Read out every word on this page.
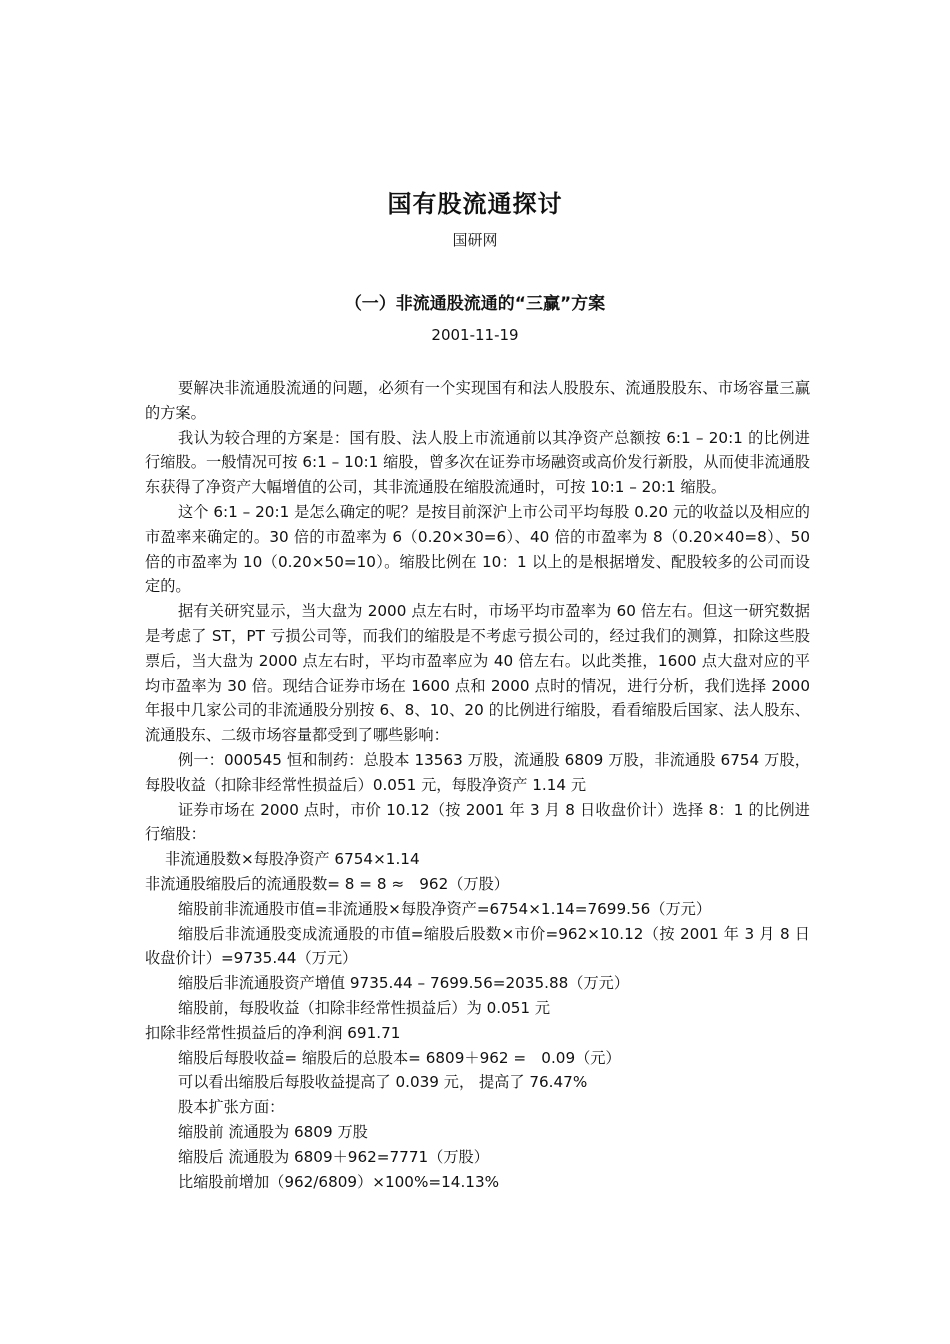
国有股流通探讨
国研网
（一）非流通股流通的“三赢”方案
2001-11-19

要解决非流通股流通的问题，必须有一个实现国有和法人股股东、流通股股东、市场容量三赢的方案。

我认为较合理的方案是：国有股、法人股上市流通前以其净资产总额按 6:1 – 20:1 的比例进行缩股。一般情况可按 6:1 – 10:1 缩股，曾多次在证券市场融资或高价发行新股，从而使非流通股东获得了净资产大幅增值的公司，其非流通股在缩股流通时，可按 10:1 – 20:1 缩股。

这个 6:1 – 20:1 是怎么确定的呢？是按目前深沪上市公司平均每股 0.20 元的收益以及相应的市盈率来确定的。30 倍的市盈率为 6（0.20×30=6）、40 倍的市盈率为 8（0.20×40=8）、50 倍的市盈率为 10（0.20×50=10）。缩股比例在 10：1 以上的是根据增发、配股较多的公司而设定的。

据有关研究显示，当大盘为 2000 点左右时，市场平均市盈率为 60 倍左右。但这一研究数据是考虑了 ST，PT 亏损公司等，而我们的缩股是不考虑亏损公司的，经过我们的测算，扣除这些股票后，当大盘为 2000 点左右时，平均市盈率应为 40 倍左右。以此类推，1600 点大盘对应的平均市盈率为 30 倍。现结合证券市场在 1600 点和 2000 点时的情况，进行分析，我们选择 2000 年报中几家公司的非流通股分别按 6、8、10、20 的比例进行缩股，看看缩股后国家、法人股东、流通股东、二级市场容量都受到了哪些影响：

例一：000545 恒和制药：总股本 13563 万股，流通股 6809 万股，非流通股 6754 万股，每股收益（扣除非经常性损益后）0.051 元，每股净资产 1.14 元

证券市场在 2000 点时，市价 10.12（按 2001 年 3 月 8 日收盘价计）选择 8：1 的比例进行缩股：

非流通股数×每股净资产 6754×1.14

非流通股缩股后的流通股数= 8 = 8 ≈　962（万股）

缩股前非流通股市值=非流通股×每股净资产=6754×1.14=7699.56（万元）

缩股后非流通股变成流通股的市值=缩股后股数×市价=962×10.12（按 2001 年 3 月 8 日收盘价计）=9735.44（万元）

缩股后非流通股资产增值 9735.44 – 7699.56=2035.88（万元）

缩股前，每股收益（扣除非经常性损益后）为 0.051 元

扣除非经常性损益后的净利润 691.71

缩股后每股收益= 缩股后的总股本= 6809＋962 =　0.09（元）

可以看出缩股后每股收益提高了 0.039 元， 提高了 76.47%

股本扩张方面：

缩股前 流通股为 6809 万股

缩股后 流通股为 6809＋962=7771（万股）

比缩股前增加（962/6809）×100%=14.13%
